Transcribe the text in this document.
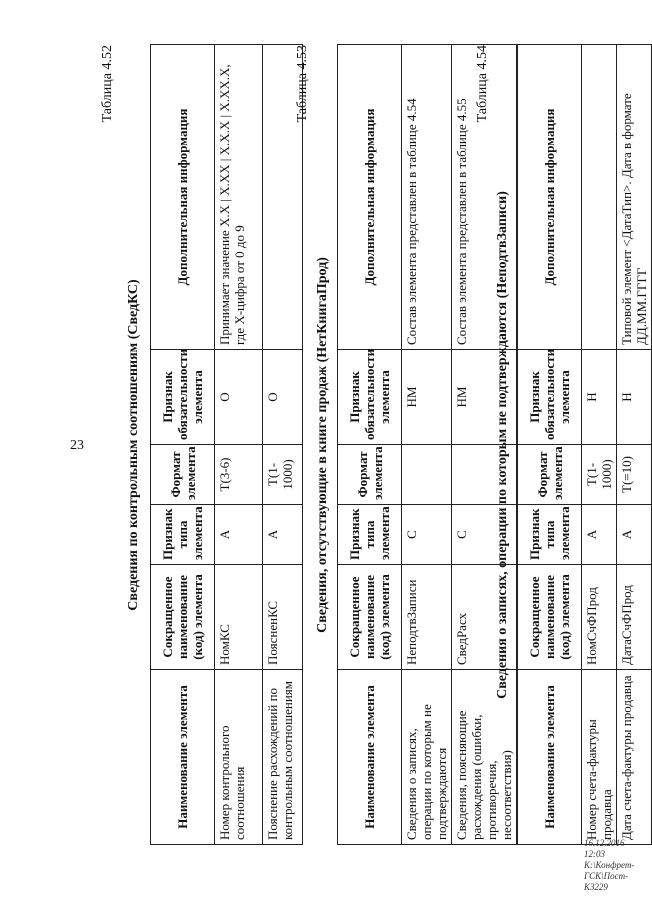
23
16.12.2016 12:03
К:\Конфрет-ГСК\Пост-КЗ229
Таблица 4.52
Сведения по контрольным соотношениям (СведКС)
Наименование элемента	Сокращенное наименование (код) элемента	Признак типа элемента	Формат элемента	Признак обязательности элемента	Дополнительная информация
Номер контрольного соотношения	НомКС	А	Т(3-6)	О	Принимает значение Х.Х | Х.ХХ | Х.Х.Х | Х.ХХ.Х, где Х-цифра от 0 до 9
Пояснение расхождений по контрольным соотношениям	ПоясненКС	А	Т(1-1000)	О	
Таблица 4.53
Сведения, отсутствующие в книге продаж (НетКнигаПрод)
Наименование элемента	Сокращенное наименование (код) элемента	Признак типа элемента	Формат элемента	Признак обязательности элемента	Дополнительная информация
Сведения о записях, операции по которым не подтверждаются	НеподтвЗаписи	С		НМ	Состав элемента представлен в таблице 4.54
Сведения, поясняющие расхождения (ошибки, противоречия, несоответствия)	СведРасх	С		НМ	Состав элемента представлен в таблице 4.55
Таблица 4.54
Сведения о записях, операции по которым не подтверждаются (НеподтвЗаписи)
Наименование элемента	Сокращенное наименование (код) элемента	Признак типа элемента	Формат элемента	Признак обязательности элемента	Дополнительная информация
Номер счета-фактуры продавца	НомСчФПрод	А	Т(1-1000)	Н	
Дата счета-фактуры продавца	ДатаСчФПрод	А	Т(=10)	Н	Типовой элемент <ДатаТип>. Дата в формате ДД.ММ.ГГГГ
